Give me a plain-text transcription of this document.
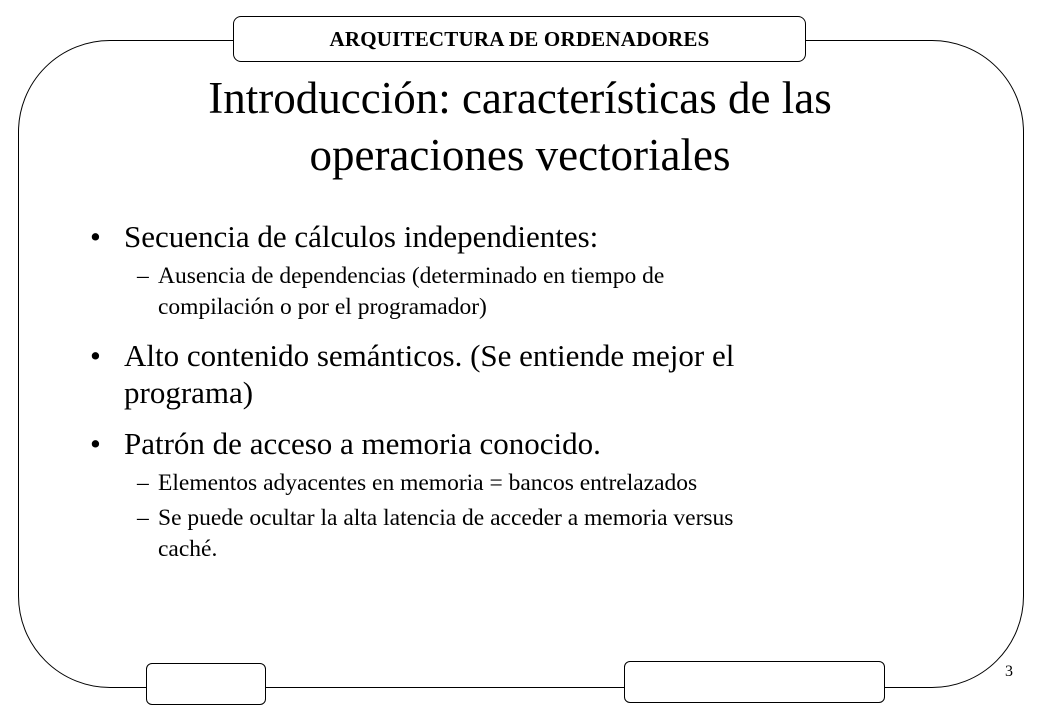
ARQUITECTURA DE ORDENADORES
Introducción: características de las
operaciones vectoriales
• Secuencia de cálculos independientes:
– Ausencia de dependencias (determinado en tiempo de
compilación o por el programador)
• Alto contenido semánticos. (Se entiende mejor el
programa)
• Patrón de acceso a memoria conocido.
– Elementos adyacentes en memoria = bancos entrelazados
– Se puede ocultar la alta latencia de acceder a memoria versus
caché.
3
